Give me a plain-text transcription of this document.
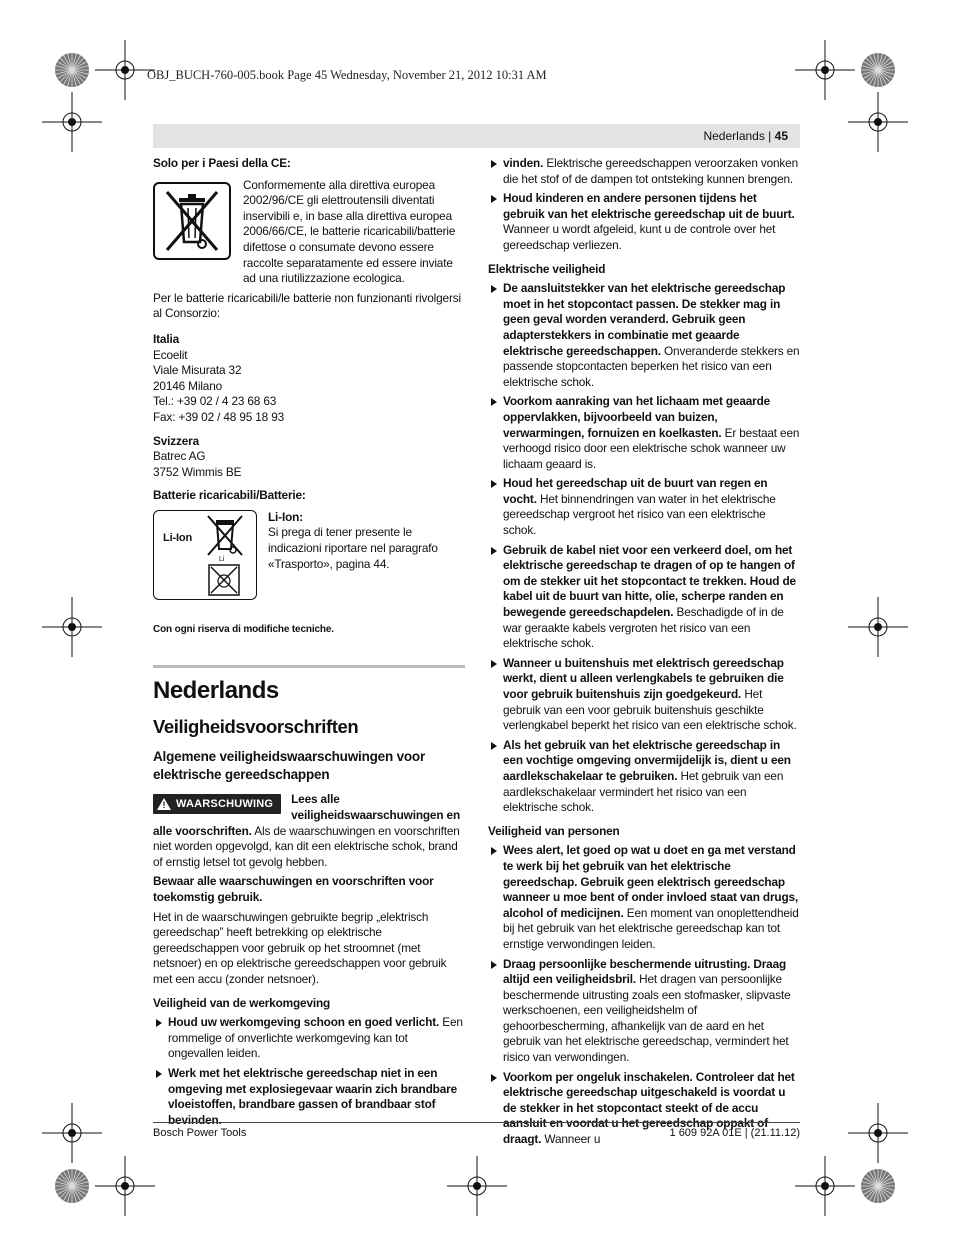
OBJ_BUCH-760-005.book Page 45 Wednesday, November 21, 2012 10:31 AM
Nederlands | 45

Solo per i Paesi della CE:

Conformemente alla direttiva europea 2002/96/CE gli elettroutensili diventati inservibili e, in base alla direttiva europea 2006/66/CE, le batterie ricaricabili/batterie difettose o consumate devono essere raccolte separatamente ed essere inviate ad una riutilizzazione ecologica.

Per le batterie ricaricabili/le batterie non funzionanti rivolgersi al Consorzio:

Italia

Ecoelit

Viale Misurata 32

20146 Milano

Tel.: +39 02 / 4 23 68 63

Fax: +39 02 / 48 95 18 93

Svizzera

Batrec AG

3752 Wimmis BE

Batterie ricaricabili/Batterie:

Li-Ion
Li

Li-Ion:

Si prega di tener presente le indicazioni riportare nel paragrafo «Trasporto», pagina 44.

Con ogni riserva di modifiche tecniche.

Nederlands
Veiligheidsvoorschriften
Algemene veiligheidswaarschuwingen voor elektrische gereedschappen
! WAARSCHUWING Lees alle veiligheidswaarschuwingen en alle voorschriften. Als de waarschuwingen en voorschriften niet worden opgevolgd, kan dit een elektrische schok, brand of ernstig letsel tot gevolg hebben.

Bewaar alle waarschuwingen en voorschriften voor toekomstig gebruik.

Het in de waarschuwingen gebruikte begrip „elektrisch gereedschap” heeft betrekking op elektrische gereedschappen voor gebruik op het stroomnet (met netsnoer) en op elektrische gereedschappen voor gebruik met een accu (zonder netsnoer).

Veiligheid van de werkomgeving

Houd uw werkomgeving schoon en goed verlicht. Een rommelige of onverlichte werkomgeving kan tot ongevallen leiden.
Werk met het elektrische gereedschap niet in een omgeving met explosiegevaar waarin zich brandbare vloeistoffen, brandbare gassen of brandbaar stof bevinden.
vinden. Elektrische gereedschappen veroorzaken vonken die het stof of de dampen tot ontsteking kunnen brengen.
Houd kinderen en andere personen tijdens het gebruik van het elektrische gereedschap uit de buurt. Wanneer u wordt afgeleid, kunt u de controle over het gereedschap verliezen.

Elektrische veiligheid

De aansluitstekker van het elektrische gereedschap moet in het stopcontact passen. De stekker mag in geen geval worden veranderd. Gebruik geen adapterstekkers in combinatie met geaarde elektrische gereedschappen. Onveranderde stekkers en passende stopcontacten beperken het risico van een elektrische schok.
Voorkom aanraking van het lichaam met geaarde oppervlakken, bijvoorbeeld van buizen, verwarmingen, fornuizen en koelkasten. Er bestaat een verhoogd risico door een elektrische schok wanneer uw lichaam geaard is.
Houd het gereedschap uit de buurt van regen en vocht. Het binnendringen van water in het elektrische gereedschap vergroot het risico van een elektrische schok.
Gebruik de kabel niet voor een verkeerd doel, om het elektrische gereedschap te dragen of op te hangen of om de stekker uit het stopcontact te trekken. Houd de kabel uit de buurt van hitte, olie, scherpe randen en bewegende gereedschapdelen. Beschadigde of in de war geraakte kabels vergroten het risico van een elektrische schok.
Wanneer u buitenshuis met elektrisch gereedschap werkt, dient u alleen verlengkabels te gebruiken die voor gebruik buitenshuis zijn goedgekeurd. Het gebruik van een voor gebruik buitenshuis geschikte verlengkabel beperkt het risico van een elektrische schok.
Als het gebruik van het elektrische gereedschap in een vochtige omgeving onvermijdelijk is, dient u een aardlekschakelaar te gebruiken. Het gebruik van een aardlekschakelaar vermindert het risico van een elektrische schok.

Veiligheid van personen

Wees alert, let goed op wat u doet en ga met verstand te werk bij het gebruik van het elektrische gereedschap. Gebruik geen elektrisch gereedschap wanneer u moe bent of onder invloed staat van drugs, alcohol of medicijnen. Een moment van onoplettendheid bij het gebruik van het elektrische gereedschap kan tot ernstige verwondingen leiden.
Draag persoonlijke beschermende uitrusting. Draag altijd een veiligheidsbril. Het dragen van persoonlijke beschermende uitrusting zoals een stofmasker, slipvaste werkschoenen, een veiligheidshelm of gehoorbescherming, afhankelijk van de aard en het gebruik van het elektrische gereedschap, vermindert het risico van verwondingen.
Voorkom per ongeluk inschakelen. Controleer dat het elektrische gereedschap uitgeschakeld is voordat u de stekker in het stopcontact steekt of de accu aansluit en voordat u het gereedschap oppakt of draagt. Wanneer u
Bosch Power Tools	1 609 92A 01E | (21.11.12)
